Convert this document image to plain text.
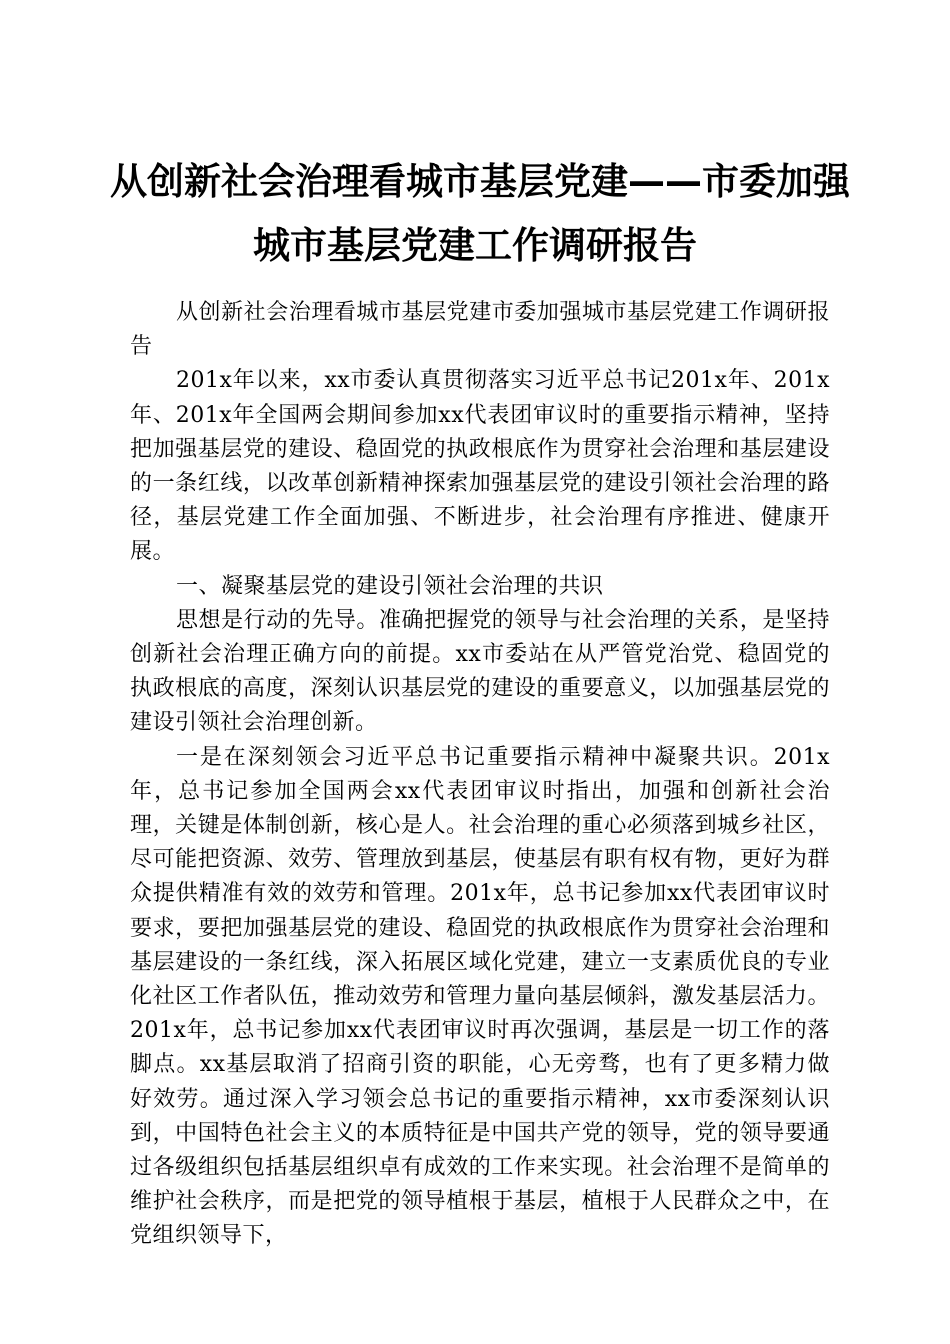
从创新社会治理看城市基层党建——市委加强
城市基层党建工作调研报告

从创新社会治理看城市基层党建市委加强城市基层党建工作调研报告

201x年以来，xx市委认真贯彻落实习近平总书记201x年、201x年、201x年全国两会期间参加xx代表团审议时的重要指示精神，坚持把加强基层党的建设、稳固党的执政根底作为贯穿社会治理和基层建设的一条红线，以改革创新精神探索加强基层党的建设引领社会治理的路径，基层党建工作全面加强、不断进步，社会治理有序推进、健康开展。

一、凝聚基层党的建设引领社会治理的共识

思想是行动的先导。准确把握党的领导与社会治理的关系，是坚持创新社会治理正确方向的前提。xx市委站在从严管党治党、稳固党的执政根底的高度，深刻认识基层党的建设的重要意义，以加强基层党的建设引领社会治理创新。

一是在深刻领会习近平总书记重要指示精神中凝聚共识。201x年，总书记参加全国两会xx代表团审议时指出，加强和创新社会治理，关键是体制创新，核心是人。社会治理的重心必须落到城乡社区，尽可能把资源、效劳、管理放到基层，使基层有职有权有物，更好为群众提供精准有效的效劳和管理。201x年，总书记参加xx代表团审议时要求，要把加强基层党的建设、稳固党的执政根底作为贯穿社会治理和基层建设的一条红线，深入拓展区域化党建，建立一支素质优良的专业化社区工作者队伍，推动效劳和管理力量向基层倾斜，激发基层活力。201x年，总书记参加xx代表团审议时再次强调，基层是一切工作的落脚点。xx基层取消了招商引资的职能，心无旁骛，也有了更多精力做好效劳。通过深入学习领会总书记的重要指示精神，xx市委深刻认识到，中国特色社会主义的本质特征是中国共产党的领导，党的领导要通过各级组织包括基层组织卓有成效的工作来实现。社会治理不是简单的维护社会秩序，而是把党的领导植根于基层，植根于人民群众之中，在党组织领导下，
